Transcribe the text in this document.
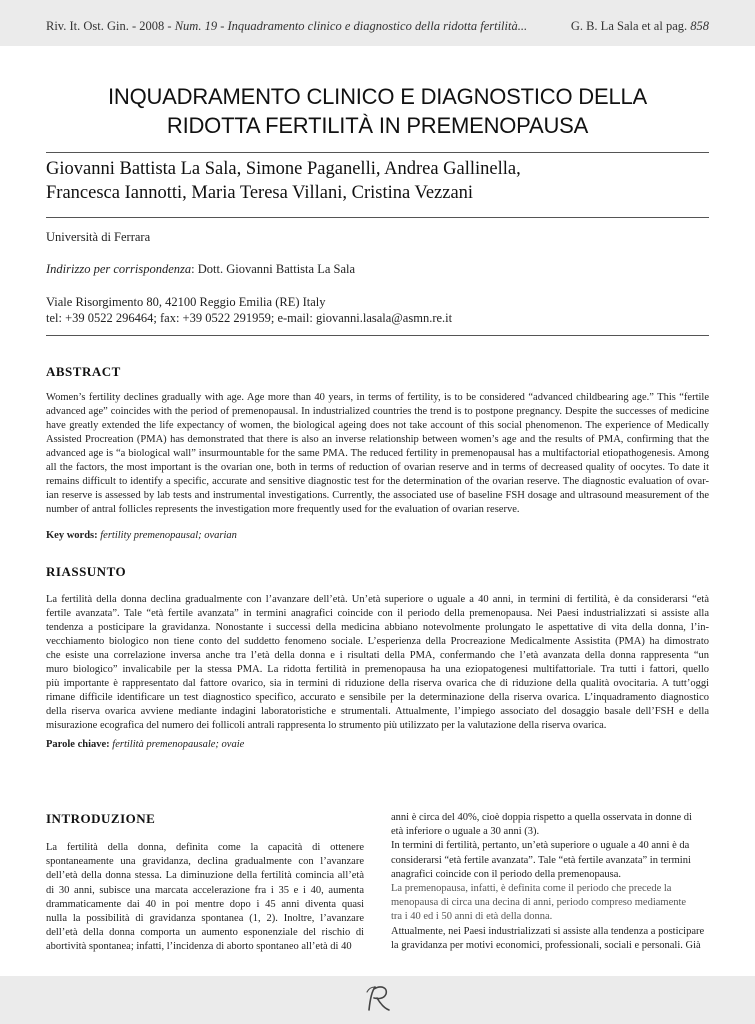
Riv. It. Ost. Gin. - 2008 - Num. 19 - Inquadramento clinico e diagnostico della ridotta fertilità...	G. B. La Sala et al pag. 858
INQUADRAMENTO CLINICO E DIAGNOSTICO DELLA
RIDOTTA FERTILITÀ IN PREMENOPAUSA
Giovanni Battista La Sala, Simone Paganelli, Andrea Gallinella,
Francesca Iannotti, Maria Teresa Villani, Cristina Vezzani
Università di Ferrara
Indirizzo per corrispondenza: Dott. Giovanni Battista La Sala
Viale Risorgimento 80, 42100 Reggio Emilia (RE) Italy
tel: +39 0522 296464; fax: +39 0522 291959; e-mail: giovanni.lasala@asmn.re.it
ABSTRACT
Women’s fertility declines gradually with age. Age more than 40 years, in terms of fertility, is to be considered “advanced childbearing age.” This “fertile
advanced age” coincides with the period of premenopausal. In industrialized countries the trend is to postpone pregnancy. Despite the successes of medicine
have greatly extended the life expectancy of women, the biological ageing does not take account of this social phenomenon. The experience of Medically
Assisted Procreation (PMA) has demonstrated that there is also an inverse relationship between women’s age and the results of PMA, confirming that the
advanced age is “a biological wall” insurmountable for the same PMA. The reduced fertility in premenopausal has a multifactorial etiopathogenesis. Among
all the factors, the most important is the ovarian one, both in terms of reduction of ovarian reserve and in terms of decreased quality of oocytes. To date it
remains difficult to identify a specific, accurate and sensitive diagnostic test for the determination of the ovarian reserve. The diagnostic evaluation of ovar-
ian reserve is assessed by lab tests and instrumental investigations. Currently, the associated use of baseline FSH dosage and ultrasound measurement of the
number of antral follicles represents the investigation more frequently used for the evaluation of ovarian reserve.
Key words: fertility premenopausal; ovarian
RIASSUNTO
La fertilità della donna declina gradualmente con l’avanzare dell’età. Un’età superiore o uguale a 40 anni, in termini di fertilità, è da considerarsi “età
fertile avanzata”. Tale “età fertile avanzata” in termini anagrafici coincide con il periodo della premenopausa. Nei Paesi industrializzati si assiste alla
tendenza a posticipare la gravidanza. Nonostante i successi della medicina abbiano notevolmente prolungato le aspettative di vita della donna, l’in-
vecchiamento biologico non tiene conto del suddetto fenomeno sociale. L’esperienza della Procreazione Medicalmente Assistita (PMA) ha dimostrato
che esiste una correlazione inversa anche tra l’età della donna e i risultati della PMA, confermando che l’età avanzata della donna rappresenta “un
muro biologico” invalicabile per la stessa PMA. La ridotta fertilità in premenopausa ha una eziopatogenesi multifattoriale. Tra tutti i fattori, quello
più importante è rappresentato dal fattore ovarico, sia in termini di riduzione della riserva ovarica che di riduzione della qualità ovocitaria. A tutt’oggi
rimane difficile identificare un test diagnostico specifico, accurato e sensibile per la determinazione della riserva ovarica. L’inquadramento diagnostico
della riserva ovarica avviene mediante indagini laboratoristiche e strumentali. Attualmente, l’impiego associato del dosaggio basale dell’FSH e della
misurazione ecografica del numero dei follicoli antrali rappresenta lo strumento più utilizzato per la valutazione della riserva ovarica.
Parole chiave: fertilità premenopausale; ovaie
INTRODUZIONE
La fertilità della donna, definita come la capacità di ottenere
spontaneamente una gravidanza, declina gradualmente con l’avanzare
dell’età della donna stessa. La diminuzione della fertilità comincia all’età
di 30 anni, subisce una marcata accelerazione fra i 35 e i 40, aumenta
drammaticamente dai 40 in poi mentre dopo i 45 anni diventa quasi
nulla la possibilità di gravidanza spontanea (1, 2). Inoltre, l’avanzare
dell’età della donna comporta un aumento esponenziale del rischio di
abortività spontanea; infatti, l’incidenza di aborto spontaneo all’età di 40
anni è circa del 40%, cioè doppia rispetto a quella osservata in donne di
età inferiore o uguale a 30 anni (3).
In termini di fertilità, pertanto, un’età superiore o uguale a 40 anni è da
considerarsi “età fertile avanzata”. Tale “età fertile avanzata” in termini
anagrafici coincide con il periodo della premenopausa.
La premenopausa, infatti, è definita come il periodo che precede la
menopausa di circa una decina di anni, periodo compreso mediamente
tra i 40 ed i 50 anni di età della donna.
Attualmente, nei Paesi industrializzati si assiste alla tendenza a posticipare
la gravidanza per motivi economici, professionali, sociali e personali. Già
